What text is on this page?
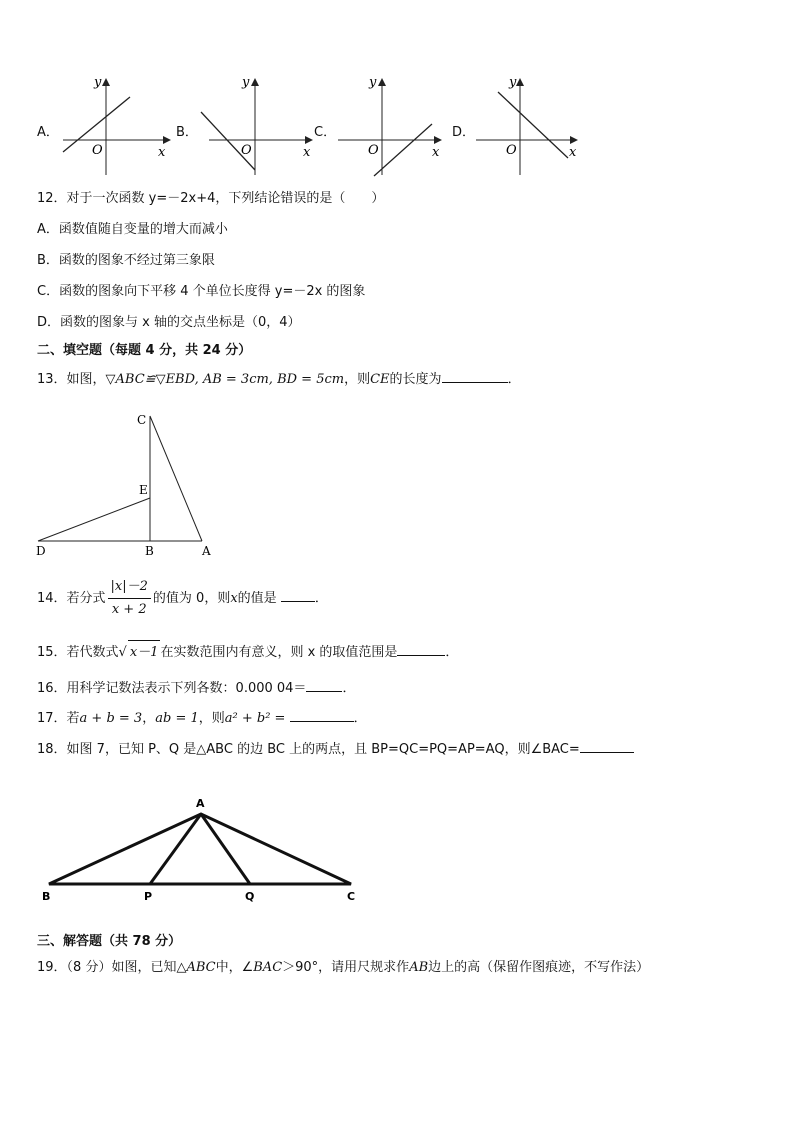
A．
x
y
O
B．
x
y
O
C．
x
y
O
D．
x
y
O
12．对于一次函数 y=－2x+4，下列结论错误的是（　　）
A．函数值随自变量的增大而减小
B．函数的图象不经过第三象限
C．函数的图象向下平移 4 个单位长度得 y=－2x 的图象
D．函数的图象与 x 轴的交点坐标是（0，4）
二、填空题（每题 4 分，共 24 分）
13．如图，▽ABC≌▽EBD, AB = 3cm, BD = 5cm，则CE的长度为	．
C
E
D	B	A
14．若分式 $\frac{|x|-2}{x + 2}$ 的值为 0，则x的值是	．
15．若代数式√ x－1 在实数范围内有意义，则 x 的取值范围是	．
16．用科学记数法表示下列各数：0.000 04＝	．
17．若a + b = 3，ab = 1，则a² + b² =	．
18．如图 7，已知 P、Q 是△ABC 的边 BC 上的两点，且 BP=QC=PQ=AP=AQ，则∠BAC=
A
B	P	Q	C
三、解答题（共 78 分）
19．（8 分）如图，已知△ABC中，∠BAC＞90°，请用尺规求作AB边上的高（保留作图痕迹，不写作法）
